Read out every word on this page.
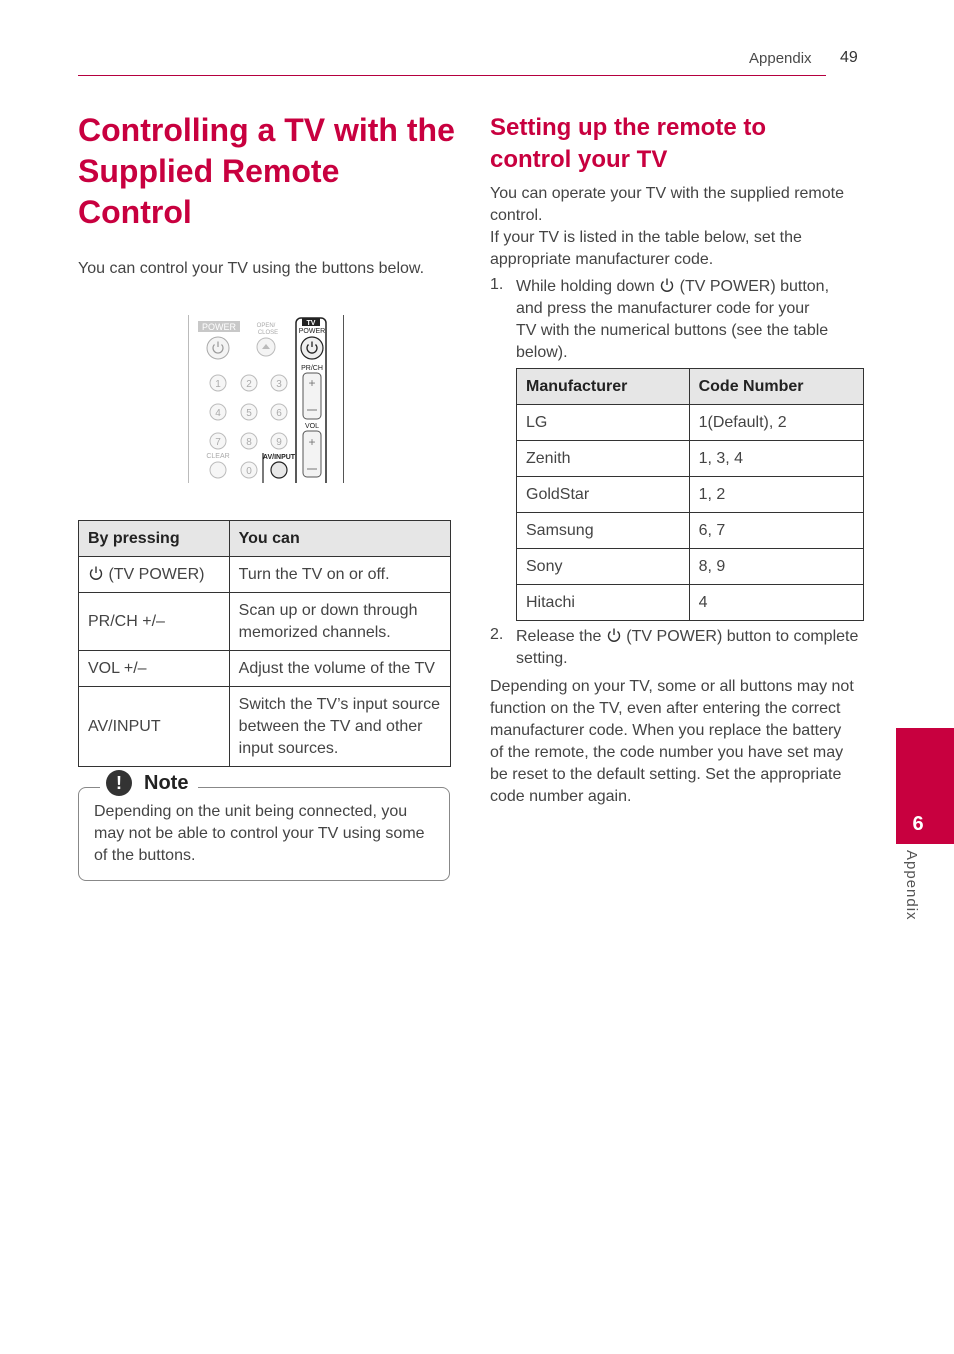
Appendix 49
Controlling a TV with the Supplied Remote Control
You can control your TV using the buttons below.
POWER	OPEN/
CLOSE
TV
POWER
PR/CH
+
VOL
+
1	2 3
4	5 6
7	8 9
0
CLEAR	AV/INPUT
By pressing	You can
(TV POWER)	Turn the TV on or off.
PR/CH +/–	Scan up or down through
memorized channels.

VOL +/–	Adjust the volume of the TV
AV/INPUT	Switch the TV’s input source
between the TV and other
input sources.
!	Note
Depending on the unit being connected, you
may not be able to control your TV using some
of the buttons.
Setting up the remote to
control your TV
You can operate your TV with the supplied remote
control.
If your TV is listed in the table below, set the
appropriate manufacturer code.
1. While holding down (TV POWER) button,
and press the manufacturer code for your
TV with the numerical buttons (see the table
below).
Manufacturer	Code Number
LG	1(Default), 2
Zenith	1, 3, 4
GoldStar	1, 2
Samsung	6, 7
Sony	8, 9
Hitachi	4
2. Release the (TV POWER) button to complete
setting.
Depending on your TV, some or all buttons may not
function on the TV, even after entering the correct
manufacturer code. When you replace the battery
of the remote, the code number you have set may
be reset to the default setting. Set the appropriate
code number again.
6
Appendix
